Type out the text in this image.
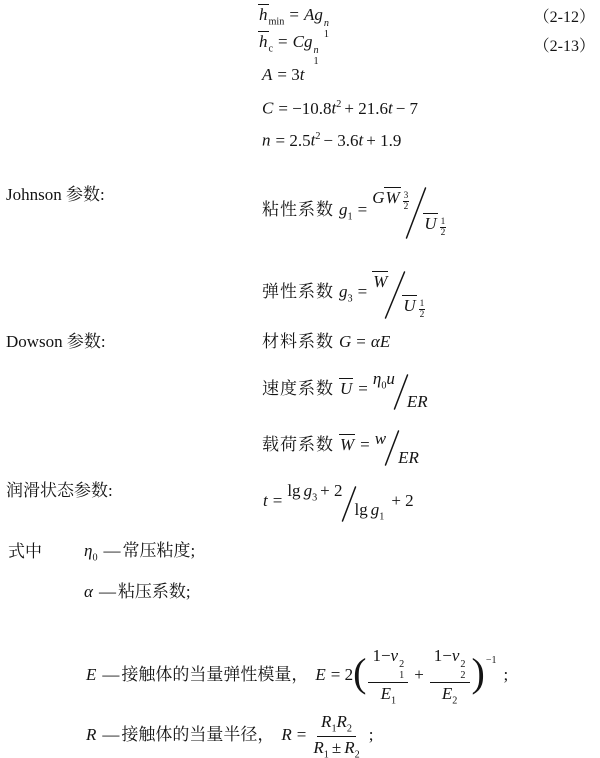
$h_{min} = Ag$ n
1
（2-12）
$h_c = Cg$ n
1
（2-13）
A = 3t
$C = -10.8t^2 + 21.6t - 7$
$n = 2.5t^2 - 3.6t + 1.9$
Johnson 参数:
粘性系数 $g_1$ =
GW $\frac{3}{2}$
U $\frac{1}{2}$
弹性系数 $g_3$ =
W
U $\frac{1}{2}$
Dowson 参数:	材料系数 G = αE
速度系数 U =
$\eta_0u$
ER
载荷系数 W = w
ER
润滑状态参数:
t =
$\lg g_3 + 2$
$\lg g_1$
+ 2
式中 $\eta_0$ — 常压粘度;
α — 粘压系数;
E — 接触体的当量弹性模量， E = 2( 1−ν 2
1
$E_1 + 1-\nu$ 2
2
$E_2$ )$^{-1}$;
R — 接触体的当量半径， $R = \frac{R_1R_2}{R_1 \pm R_2}$ ;
